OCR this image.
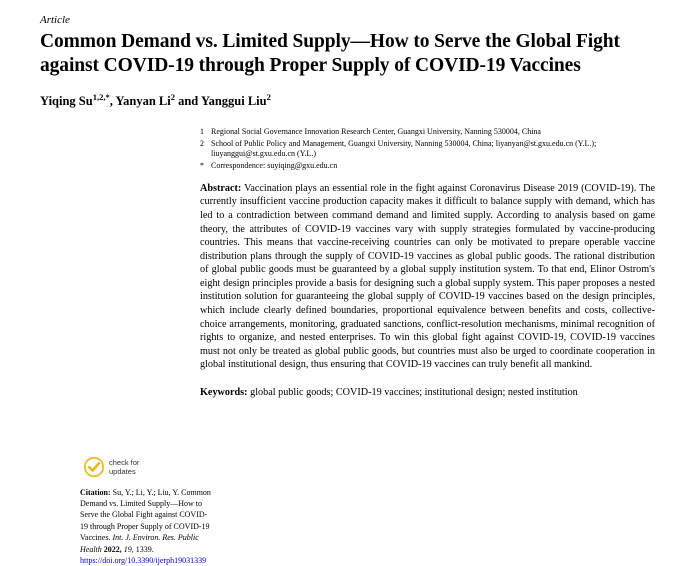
Article
Common Demand vs. Limited Supply—How to Serve the Global Fight against COVID-19 through Proper Supply of COVID-19 Vaccines
Yiqing $Su^{1,2,*}$, Yanyan Li$^2$ and Yanggui Liu$^2$
check for
updates
Citation: Su, Y.; Li, Y.; Liu, Y. Common Demand vs. Limited Supply—How to Serve the Global Fight against COVID-19 through Proper Supply of COVID-19 Vaccines. Int. J. Environ. Res. Public Health 2022, 19, 1339. https://doi.org/10.3390/ijerph19031339
1 Regional Social Governance Innovation Research Center, Guangxi University, Nanning 530004, China
2 School of Public Policy and Management, Guangxi University, Nanning 530004, China; liyanyan@st.gxu.edu.cn (Y.L.); liuyanggui@st.gxu.edu.cn (Y.L.)
* Correspondence: suyiqing@gxu.edu.cn

Abstract: Vaccination plays an essential role in the fight against Coronavirus Disease 2019 (COVID-19). The currently insufficient vaccine production capacity makes it difficult to balance supply with demand, which has led to a contradiction between command demand and limited supply. According to analysis based on game theory, the attributes of COVID-19 vaccines vary with supply strategies formulated by vaccine-producing countries. This means that vaccine-receiving countries can only be motivated to prepare operable vaccine distribution plans through the supply of COVID-19 vaccines as global public goods. The rational distribution of global public goods must be guaranteed by a global supply institution system. To that end, Elinor Ostrom's eight design principles provide a basis for designing such a global supply system. This paper proposes a nested institution solution for guaranteeing the global supply of COVID-19 vaccines based on the design principles, which include clearly defined boundaries, proportional equivalence between benefits and costs, collective-choice arrangements, monitoring, graduated sanctions, conflict-resolution mechanisms, minimal recognition of rights to organize, and nested enterprises. To win this global fight against COVID-19, COVID-19 vaccines must not only be treated as global public goods, but countries must also be urged to coordinate cooperation in global institutional design, thus ensuring that COVID-19 vaccines can truly benefit all mankind.

Keywords: global public goods; COVID-19 vaccines; institutional design; nested institution
